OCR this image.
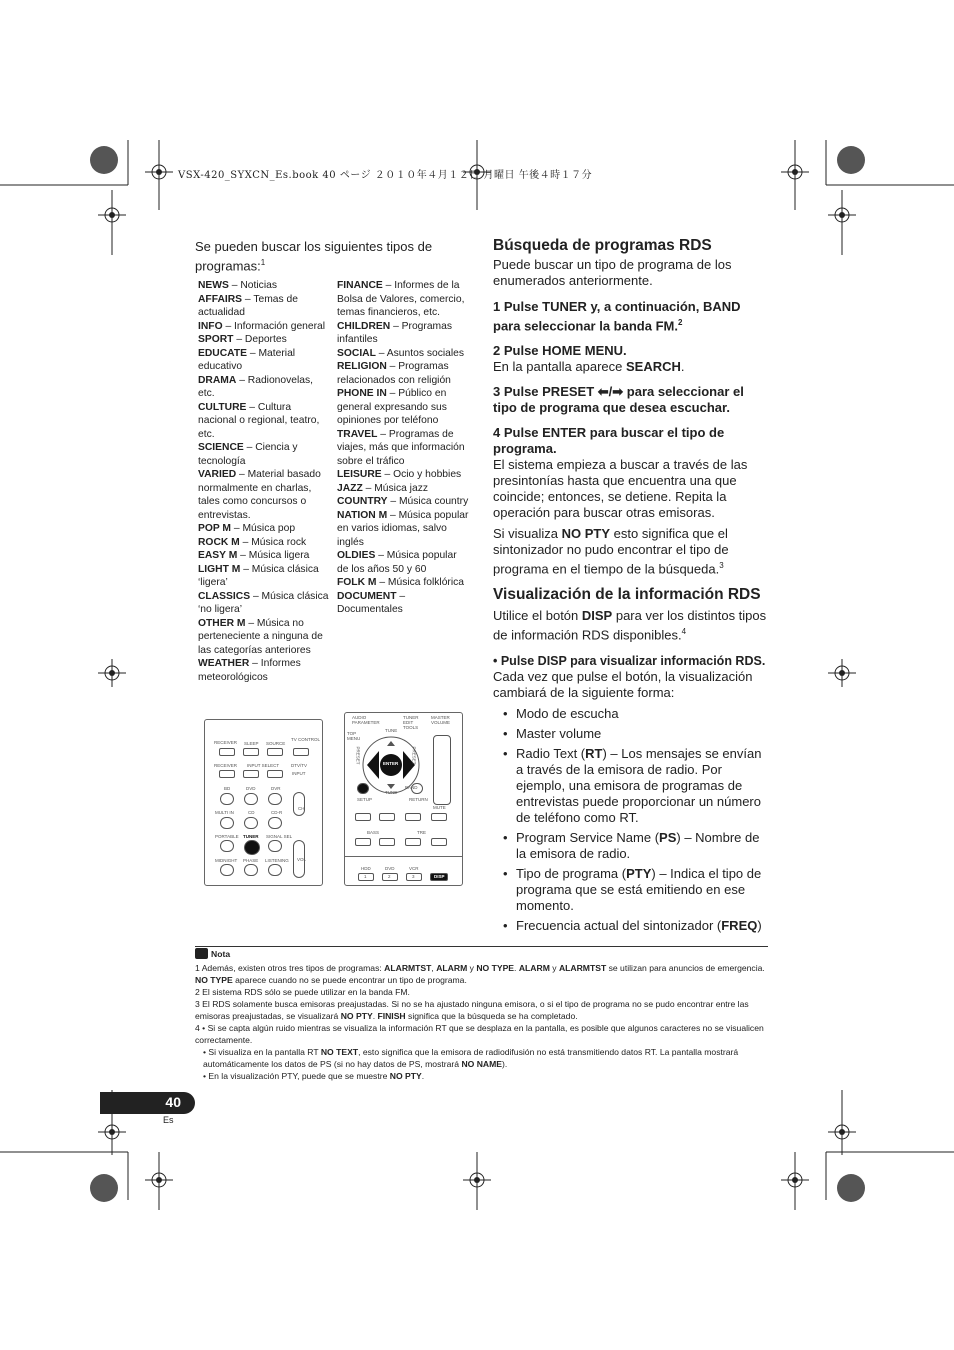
VSX-420_SYXCN_Es.book 40 ページ ２０１０年４月１２日 月曜日 午後４時１７分
Se pueden buscar los siguientes tipos de programas:$^1$

NEWS – Noticias

AFFAIRS – Temas de actualidad

INFO – Información general

SPORT – Deportes

EDUCATE – Material educativo

DRAMA – Radionovelas, etc.

CULTURE – Cultura nacional o regional, teatro, etc.

SCIENCE – Ciencia y tecnología

VARIED – Material basado normalmente en charlas, tales como concursos o entrevistas.

POP M – Música pop

ROCK M – Música rock

EASY M – Música ligera

LIGHT M – Música clásica ‘ligera’

CLASSICS – Música clásica ‘no ligera’

OTHER M – Música no perteneciente a ninguna de las categorías anteriores

WEATHER – Informes meteorológicos

FINANCE – Informes de la Bolsa de Valores, comercio, temas financieros, etc.

CHILDREN – Programas infantiles

SOCIAL – Asuntos sociales

RELIGION – Programas relacionados con religión

PHONE IN – Público en general expresando sus opiniones por teléfono

TRAVEL – Programas de viajes, más que información sobre el tráfico

LEISURE – Ocio y hobbies

JAZZ – Música jazz

COUNTRY – Música country

NATION M – Música popular en varios idiomas, salvo inglés

OLDIES – Música popular de los años 50 y 60

FOLK M – Música folklórica

DOCUMENT – Documentales

Búsqueda de programas RDS

Puede buscar un tipo de programa de los enumerados anteriormente.

1 Pulse TUNER y, a continuación, BAND para seleccionar la banda FM.$^2$

2 Pulse HOME MENU.

En la pantalla aparece SEARCH.

3 Pulse PRESET ⬅/➡ para seleccionar el tipo de programa que desea escuchar.

4 Pulse ENTER para buscar el tipo de programa.

El sistema empieza a buscar a través de las presintonías hasta que encuentra una que coincide; entonces, se detiene. Repita la operación para buscar otras emisoras.

Si visualiza NO PTY esto significa que el sintonizador no pudo encontrar el tipo de programa en el tiempo de la búsqueda.$^3$

Visualización de la información RDS

Utilice el botón DISP para ver los distintos tipos de información RDS disponibles.$^4$

• Pulse DISP para visualizar información RDS.

Cada vez que pulse el botón, la visualización cambiará de la siguiente forma:

• Modo de escucha
• Master volume
• Radio Text (RT) – Los mensajes se envían a través de la emisora de radio. Por ejemplo, una emisora de programas de entrevistas puede proporcionar un número de teléfono como RT.
• Program Service Name (PS) – Nombre de la emisora de radio.
• Tipo de programa (PTY) – Indica el tipo de programa que se está emitiendo en ese momento.
• Frecuencia actual del sintonizador (FREQ)
RECEIVER SLEEP SOURCE
TV CONTROL
RECEIVER INPUT SELECT	DTV/TV
INPUT
BD	DVD	DVR
MULTI IN	CD	CD-R
CH
PORTABLE TUNER SIGNAL SEL
MIDNIGHT PHASE LISTENING VOL
AUDIO PARAMETER
TUNER EDIT TOOLS
MASTER VOLUME
TOP MENU
TUNE
ENTER
PRESET	PRESET
TUNE
SETUP
BAND
RETURN
MUTE
BASS	TRE
HDD	DVD	VCR
1	2	3	DISP

Nota

1 Además, existen otros tres tipos de programas: ALARMTST, ALARM y NO TYPE. ALARM y ALARMTST se utilizan para anuncios de emergencia. NO TYPE aparece cuando no se puede encontrar un tipo de programa.

2 El sistema RDS sólo se puede utilizar en la banda FM.

3 El RDS solamente busca emisoras preajustadas. Si no se ha ajustado ninguna emisora, o si el tipo de programa no se pudo encontrar entre las emisoras preajustadas, se visualizará NO PTY. FINISH significa que la búsqueda se ha completado.

4 • Si se capta algún ruido mientras se visualiza la información RT que se desplaza en la pantalla, es posible que algunos caracteres no se visualicen correctamente.

• Si visualiza en la pantalla RT NO TEXT, esto significa que la emisora de radiodifusión no está transmitiendo datos RT. La pantalla mostrará automáticamente los datos de PS (si no hay datos de PS, mostrará NO NAME).

• En la visualización PTY, puede que se muestre NO PTY.

40
Es
